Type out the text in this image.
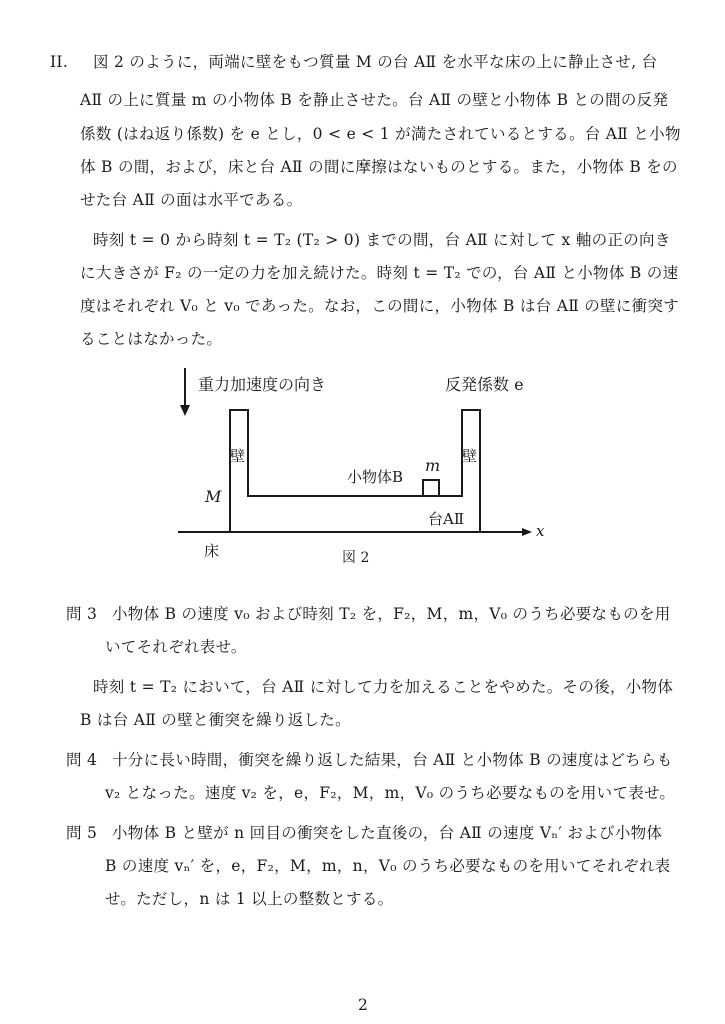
II. 図 2 のように，両端に壁をもつ質量 M の台 AⅡ を水平な床の上に静止させ, 台
AⅡ の上に質量 m の小物体 B を静止させた。台 AⅡ の壁と小物体 B との間の反発
係数 (はね返り係数) を e とし，0 < e < 1 が満たされているとする。台 AⅡ と小物
体 B の間，および，床と台 AⅡ の間に摩擦はないものとする。また，小物体 B をの
せた台 AⅡ の面は水平である。
時刻 t = 0 から時刻 t = T₂ (T₂ > 0) までの間，台 AⅡ に対して x 軸の正の向き
に大きさが F₂ の一定の力を加え続けた。時刻 t = T₂ での，台 AⅡ と小物体 B の速
度はそれぞれ V₀ と v₀ であった。なお，この間に，小物体 B は台 AⅡ の壁に衝突す
ることはなかった。
重力加速度の向き	反発係数 e
壁	壁
M
m
小物体B
台AⅡ
x
床	図 2
問 3 小物体 B の速度 v₀ および時刻 T₂ を，F₂，M，m，V₀ のうち必要なものを用
いてそれぞれ表せ。
時刻 t = T₂ において，台 AⅡ に対して力を加えることをやめた。その後，小物体
B は台 AⅡ の壁と衝突を繰り返した。
問 4 十分に長い時間，衝突を繰り返した結果，台 AⅡ と小物体 B の速度はどちらも
v₂ となった。速度 v₂ を，e，F₂，M，m，V₀ のうち必要なものを用いて表せ。
問 5 小物体 B と壁が n 回目の衝突をした直後の，台 AⅡ の速度 Vₙ′ および小物体
B の速度 vₙ′ を，e，F₂，M，m，n，V₀ のうち必要なものを用いてそれぞれ表
せ。ただし，n は 1 以上の整数とする。
2
